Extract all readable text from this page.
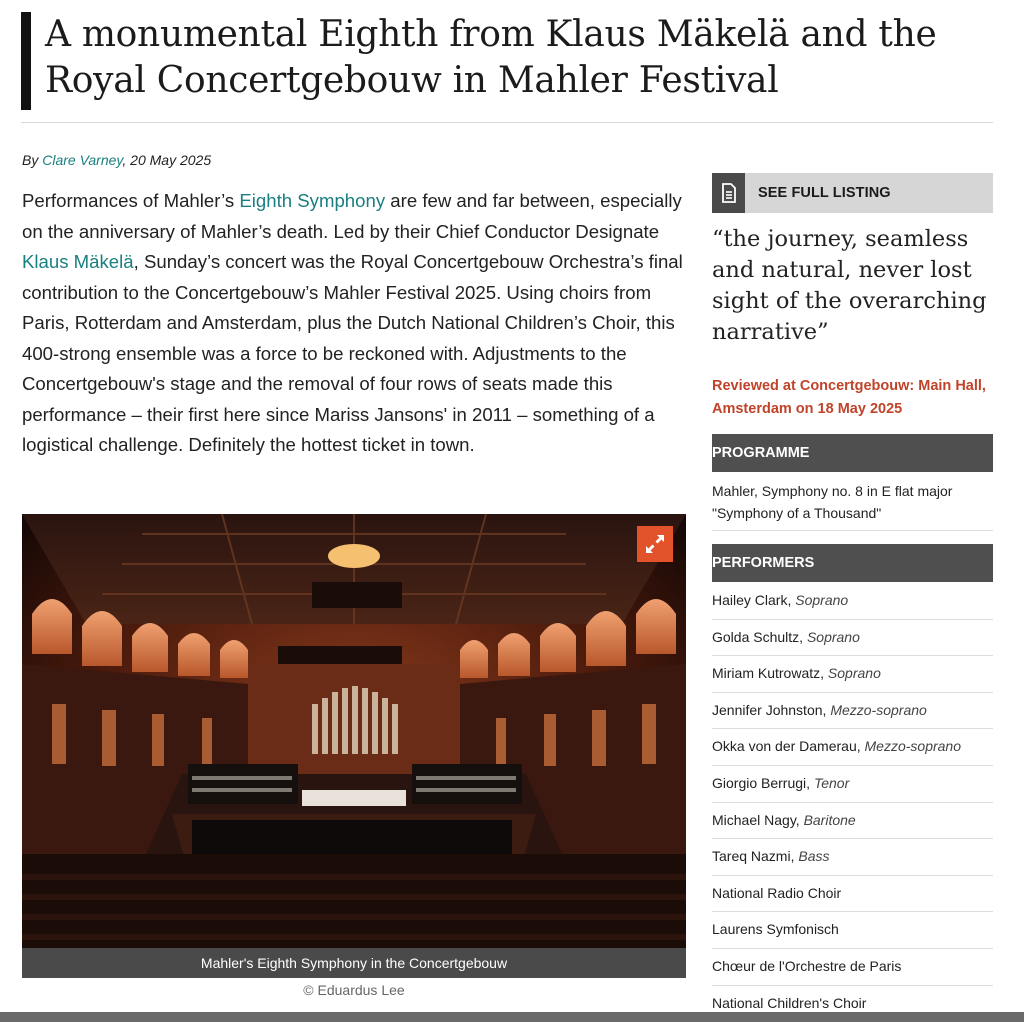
A monumental Eighth from Klaus Mäkelä and the Royal Concertgebouw in Mahler Festival
By Clare Varney, 20 May 2025

Performances of Mahler’s Eighth Symphony are few and far between, especially on the anniversary of Mahler’s death. Led by their Chief Conductor Designate Klaus Mäkelä, Sunday’s concert was the Royal Concertgebouw Orchestra’s final contribution to the Concertgebouw’s Mahler Festival 2025. Using choirs from Paris, Rotterdam and Amsterdam, plus the Dutch National Children’s Choir, this 400-strong ensemble was a force to be reckoned with. Adjustments to the Concertgebouw's stage and the removal of four rows of seats made this performance – their first here since Mariss Jansons' in 2011 – something of a logistical challenge. Definitely the hottest ticket in town.

Mahler's Eighth Symphony in the Concertgebouw
© Eduardus Lee
SEE FULL LISTING

“the journey, seamless and natural, never lost sight of the overarching narrative”

Reviewed at Concertgebouw: Main Hall, Amsterdam on 18 May 2025
PROGRAMME
Mahler, Symphony no. 8 in E flat major
"Symphony of a Thousand"
PERFORMERS
Hailey Clark, Soprano
Golda Schultz, Soprano
Miriam Kutrowatz, Soprano
Jennifer Johnston, Mezzo-soprano
Okka von der Damerau, Mezzo-soprano
Giorgio Berrugi, Tenor
Michael Nagy, Baritone
Tareq Nazmi, Bass
National Radio Choir
Laurens Symfonisch
Chœur de l'Orchestre de Paris
National Children's Choir
